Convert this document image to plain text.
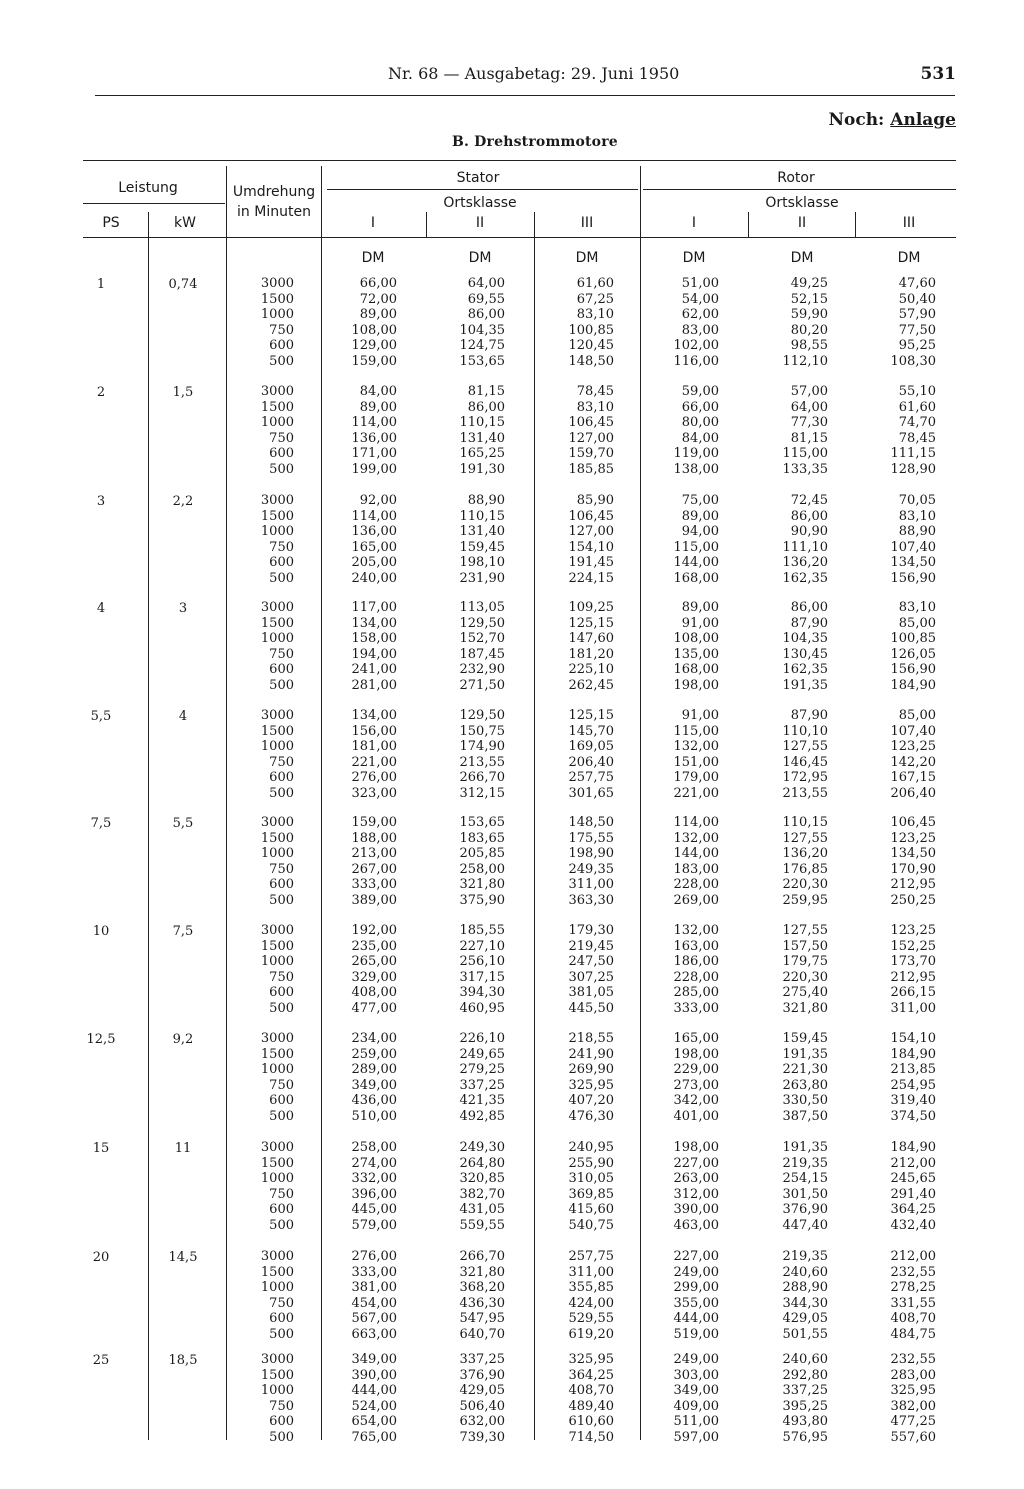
Nr. 68 — Ausgabetag: 29. Juni 1950	531
Noch: Anlage
B. Drehstrommotore
Leistung
PS	kW
Umdrehung
in Minuten
Stator	Rotor
Ortsklasse	Ortsklasse
I	II	III	I	II	III
DM	DM	DM	DM	DM	DM
1	0,74	3000	66,00	64,00	61,60	51,00	49,25	47,60
1500	72,00	69,55	67,25	54,00	52,15	50,40
1000	89,00	86,00	83,10	62,00	59,90	57,90
750	108,00	104,35	100,85	83,00	80,20	77,50
600	129,00	124,75	120,45	102,00	98,55	95,25
500	159,00	153,65	148,50	116,00	112,10	108,30
2	1,5	3000	84,00	81,15	78,45	59,00	57,00	55,10
1500	89,00	86,00	83,10	66,00	64,00	61,60
1000	114,00	110,15	106,45	80,00	77,30	74,70
750	136,00	131,40	127,00	84,00	81,15	78,45
600	171,00	165,25	159,70	119,00	115,00	111,15
500	199,00	191,30	185,85	138,00	133,35	128,90
3	2,2	3000	92,00	88,90	85,90	75,00	72,45	70,05
1500	114,00	110,15	106,45	89,00	86,00	83,10
1000	136,00	131,40	127,00	94,00	90,90	88,90
750	165,00	159,45	154,10	115,00	111,10	107,40
600	205,00	198,10	191,45	144,00	136,20	134,50
500	240,00	231,90	224,15	168,00	162,35	156,90
4	3	3000	117,00	113,05	109,25	89,00	86,00	83,10
1500	134,00	129,50	125,15	91,00	87,90	85,00
1000	158,00	152,70	147,60	108,00	104,35	100,85
750	194,00	187,45	181,20	135,00	130,45	126,05
600	241,00	232,90	225,10	168,00	162,35	156,90
500	281,00	271,50	262,45	198,00	191,35	184,90
5,5	4	3000	134,00	129,50	125,15	91,00	87,90	85,00
1500	156,00	150,75	145,70	115,00	110,10	107,40
1000	181,00	174,90	169,05	132,00	127,55	123,25
750	221,00	213,55	206,40	151,00	146,45	142,20
600	276,00	266,70	257,75	179,00	172,95	167,15
500	323,00	312,15	301,65	221,00	213,55	206,40
7,5	5,5	3000	159,00	153,65	148,50	114,00	110,15	106,45
1500	188,00	183,65	175,55	132,00	127,55	123,25
1000	213,00	205,85	198,90	144,00	136,20	134,50
750	267,00	258,00	249,35	183,00	176,85	170,90
600	333,00	321,80	311,00	228,00	220,30	212,95
500	389,00	375,90	363,30	269,00	259,95	250,25
10	7,5	3000	192,00	185,55	179,30	132,00	127,55	123,25
1500	235,00	227,10	219,45	163,00	157,50	152,25
1000	265,00	256,10	247,50	186,00	179,75	173,70
750	329,00	317,15	307,25	228,00	220,30	212,95
600	408,00	394,30	381,05	285,00	275,40	266,15
500	477,00	460,95	445,50	333,00	321,80	311,00
12,5	9,2	3000	234,00	226,10	218,55	165,00	159,45	154,10
1500	259,00	249,65	241,90	198,00	191,35	184,90
1000	289,00	279,25	269,90	229,00	221,30	213,85
750	349,00	337,25	325,95	273,00	263,80	254,95
600	436,00	421,35	407,20	342,00	330,50	319,40
500	510,00	492,85	476,30	401,00	387,50	374,50
15	11	3000	258,00	249,30	240,95	198,00	191,35	184,90
1500	274,00	264,80	255,90	227,00	219,35	212,00
1000	332,00	320,85	310,05	263,00	254,15	245,65
750	396,00	382,70	369,85	312,00	301,50	291,40
600	445,00	431,05	415,60	390,00	376,90	364,25
500	579,00	559,55	540,75	463,00	447,40	432,40
20	14,5	3000	276,00	266,70	257,75	227,00	219,35	212,00
1500	333,00	321,80	311,00	249,00	240,60	232,55
1000	381,00	368,20	355,85	299,00	288,90	278,25
750	454,00	436,30	424,00	355,00	344,30	331,55
600	567,00	547,95	529,55	444,00	429,05	408,70
500	663,00	640,70	619,20	519,00	501,55	484,75
25	18,5	3000	349,00	337,25	325,95	249,00	240,60	232,55
1500	390,00	376,90	364,25	303,00	292,80	283,00
1000	444,00	429,05	408,70	349,00	337,25	325,95
750	524,00	506,40	489,40	409,00	395,25	382,00
600	654,00	632,00	610,60	511,00	493,80	477,25
500	765,00	739,30	714,50	597,00	576,95	557,60
